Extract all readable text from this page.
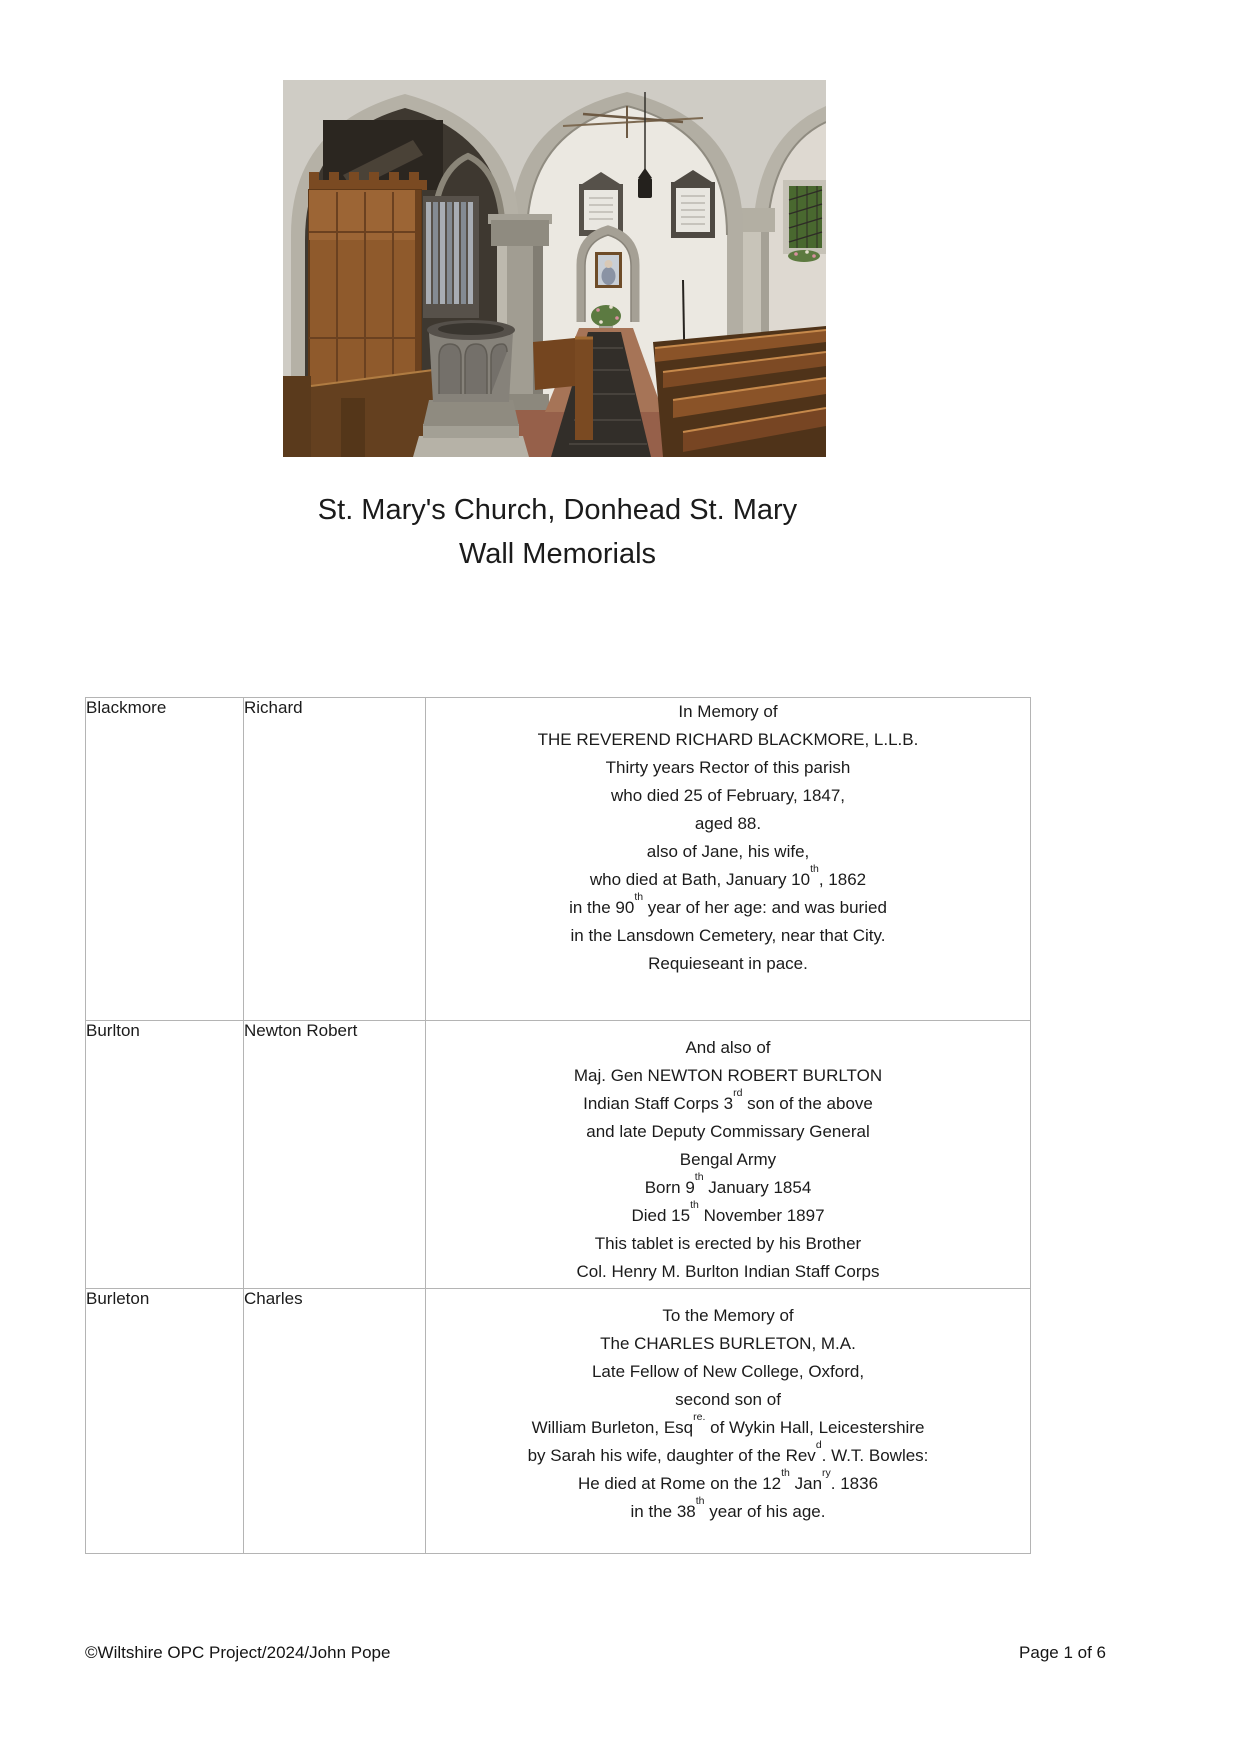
St. Mary's Church, Donhead St. Mary
Wall Memorials
Blackmore	Richard	In Memory of
THE REVEREND RICHARD BLACKMORE, L.L.B.
Thirty years Rector of this parish
who died 25 of February, 1847,
aged 88.
also of Jane, his wife,
who died at Bath, January 10th, 1862
in the 90th year of her age: and was buried
in the Lansdown Cemetery, near that City.
Requieseant in pace.

Burlton	Newton Robert	
And also of
Maj. Gen NEWTON ROBERT BURLTON
Indian Staff Corps 3rd son of the above
and late Deputy Commissary General
Bengal Army
Born 9th January 1854
Died 15th November 1897
This tablet is erected by his Brother
Col. Henry M. Burlton Indian Staff Corps

Burleton	Charles	
To the Memory of
The CHARLES BURLETON, M.A.
Late Fellow of New College, Oxford,
second son of
William Burleton, Esq$^{re.}$ of Wykin Hall, Leicestershire
by Sarah his wife, daughter of the Rev$^d$. W.T. Bowles:
He died at Rome on the 12th Jan$^{ry}$. 1836
in the 38th year of his age.
©Wiltshire OPC Project/2024/John Pope	Page 1 of 6
